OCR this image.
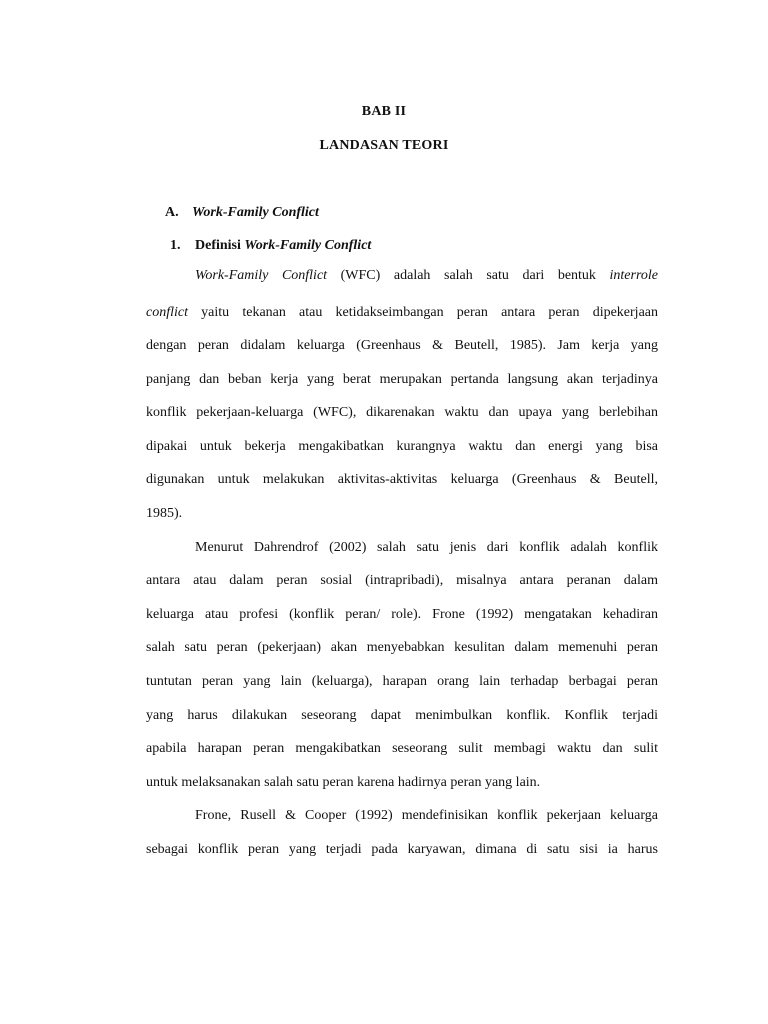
BAB II
LANDASAN TEORI
A. Work-Family Conflict
1. Definisi Work-Family Conflict
Work-Family Conflict (WFC) adalah salah satu dari bentuk interrole
conflict yaitu tekanan atau ketidakseimbangan peran antara peran dipekerjaan
dengan peran didalam keluarga (Greenhaus & Beutell, 1985). Jam kerja yang
panjang dan beban kerja yang berat merupakan pertanda langsung akan terjadinya
konflik pekerjaan-keluarga (WFC), dikarenakan waktu dan upaya yang berlebihan
dipakai untuk bekerja mengakibatkan kurangnya waktu dan energi yang bisa
digunakan untuk melakukan aktivitas-aktivitas keluarga (Greenhaus & Beutell,
1985).
Menurut Dahrendrof (2002) salah satu jenis dari konflik adalah konflik
antara atau dalam peran sosial (intrapribadi), misalnya antara peranan dalam
keluarga atau profesi (konflik peran/ role). Frone (1992) mengatakan kehadiran
salah satu peran (pekerjaan) akan menyebabkan kesulitan dalam memenuhi peran
tuntutan peran yang lain (keluarga), harapan orang lain terhadap berbagai peran
yang harus dilakukan seseorang dapat menimbulkan konflik. Konflik terjadi
apabila harapan peran mengakibatkan seseorang sulit membagi waktu dan sulit
untuk melaksanakan salah satu peran karena hadirnya peran yang lain.
Frone, Rusell & Cooper (1992) mendefinisikan konflik pekerjaan keluarga
sebagai konflik peran yang terjadi pada karyawan, dimana di satu sisi ia harus
